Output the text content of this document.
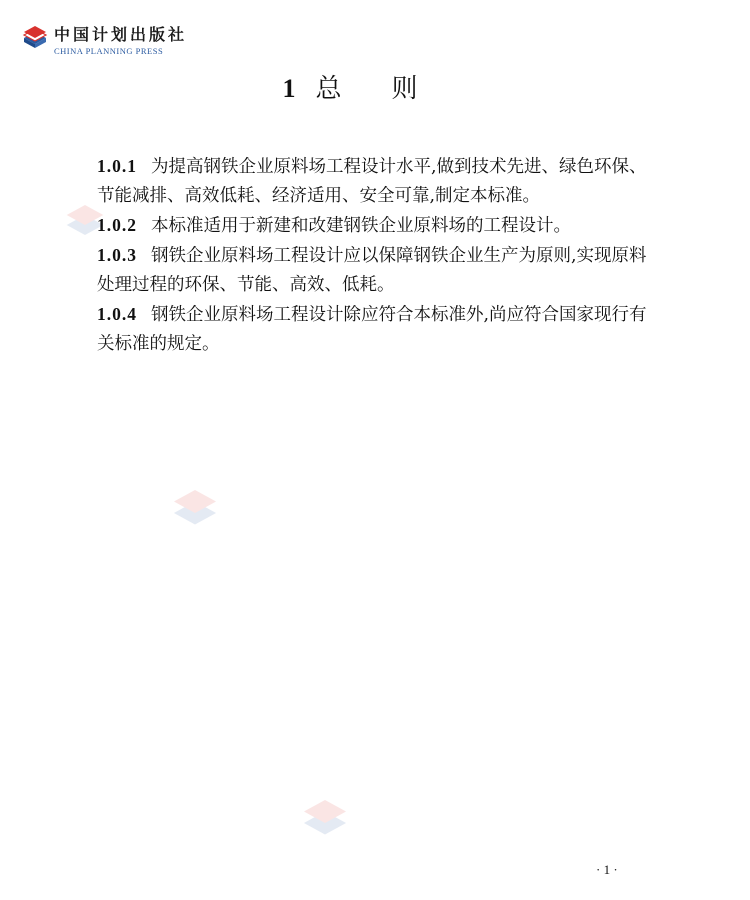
中国计划出版社
CHINA PLANNING PRESS
1 总则

1.0.1 为提高钢铁企业原料场工程设计水平,做到技术先进、绿色环保、节能减排、高效低耗、经济适用、安全可靠,制定本标准。

1.0.2 本标准适用于新建和改建钢铁企业原料场的工程设计。

1.0.3 钢铁企业原料场工程设计应以保障钢铁企业生产为原则,实现原料处理过程的环保、节能、高效、低耗。

1.0.4 钢铁企业原料场工程设计除应符合本标准外,尚应符合国家现行有关标准的规定。

· 1 ·
